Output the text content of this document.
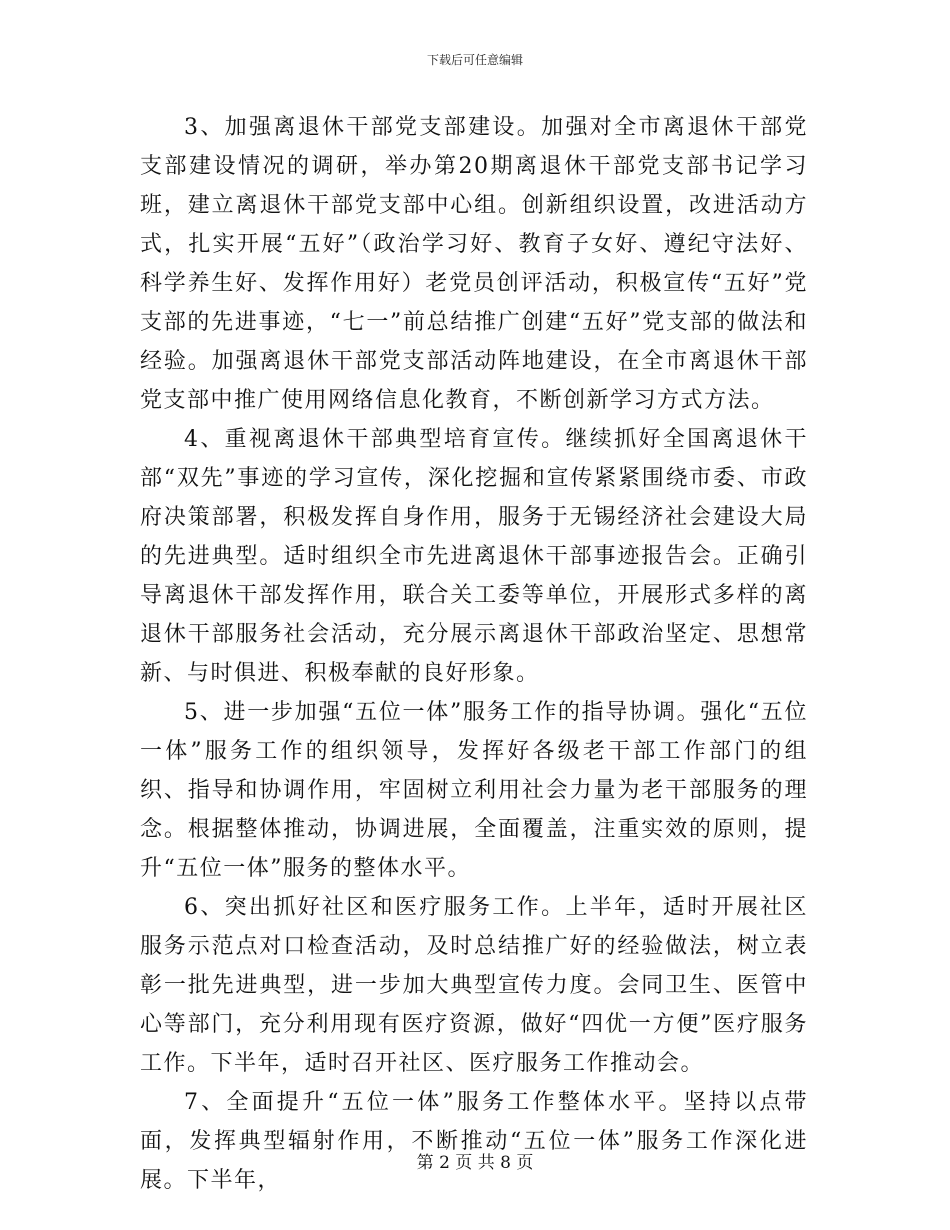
下载后可任意编辑

3、加强离退休干部党支部建设。加强对全市离退休干部党支部建设情况的调研，举办第20期离退休干部党支部书记学习班，建立离退休干部党支部中心组。创新组织设置，改进活动方式，扎实开展“五好”（政治学习好、教育子女好、遵纪守法好、科学养生好、发挥作用好）老党员创评活动，积极宣传“五好”党支部的先进事迹，“七一”前总结推广创建“五好”党支部的做法和经验。加强离退休干部党支部活动阵地建设，在全市离退休干部党支部中推广使用网络信息化教育，不断创新学习方式方法。

4、重视离退休干部典型培育宣传。继续抓好全国离退休干部“双先”事迹的学习宣传，深化挖掘和宣传紧紧围绕市委、市政府决策部署，积极发挥自身作用，服务于无锡经济社会建设大局的先进典型。适时组织全市先进离退休干部事迹报告会。正确引导离退休干部发挥作用，联合关工委等单位，开展形式多样的离退休干部服务社会活动，充分展示离退休干部政治坚定、思想常新、与时俱进、积极奉献的良好形象。

5、进一步加强“五位一体”服务工作的指导协调。强化“五位一体”服务工作的组织领导，发挥好各级老干部工作部门的组织、指导和协调作用，牢固树立利用社会力量为老干部服务的理念。根据整体推动，协调进展，全面覆盖，注重实效的原则，提升“五位一体”服务的整体水平。

6、突出抓好社区和医疗服务工作。上半年，适时开展社区服务示范点对口检查活动，及时总结推广好的经验做法，树立表彰一批先进典型，进一步加大典型宣传力度。会同卫生、医管中心等部门，充分利用现有医疗资源，做好“四优一方便”医疗服务工作。下半年，适时召开社区、医疗服务工作推动会。

7、全面提升“五位一体”服务工作整体水平。坚持以点带面，发挥典型辐射作用，不断推动“五位一体”服务工作深化进展。下半年，

第 2 页 共 8 页
